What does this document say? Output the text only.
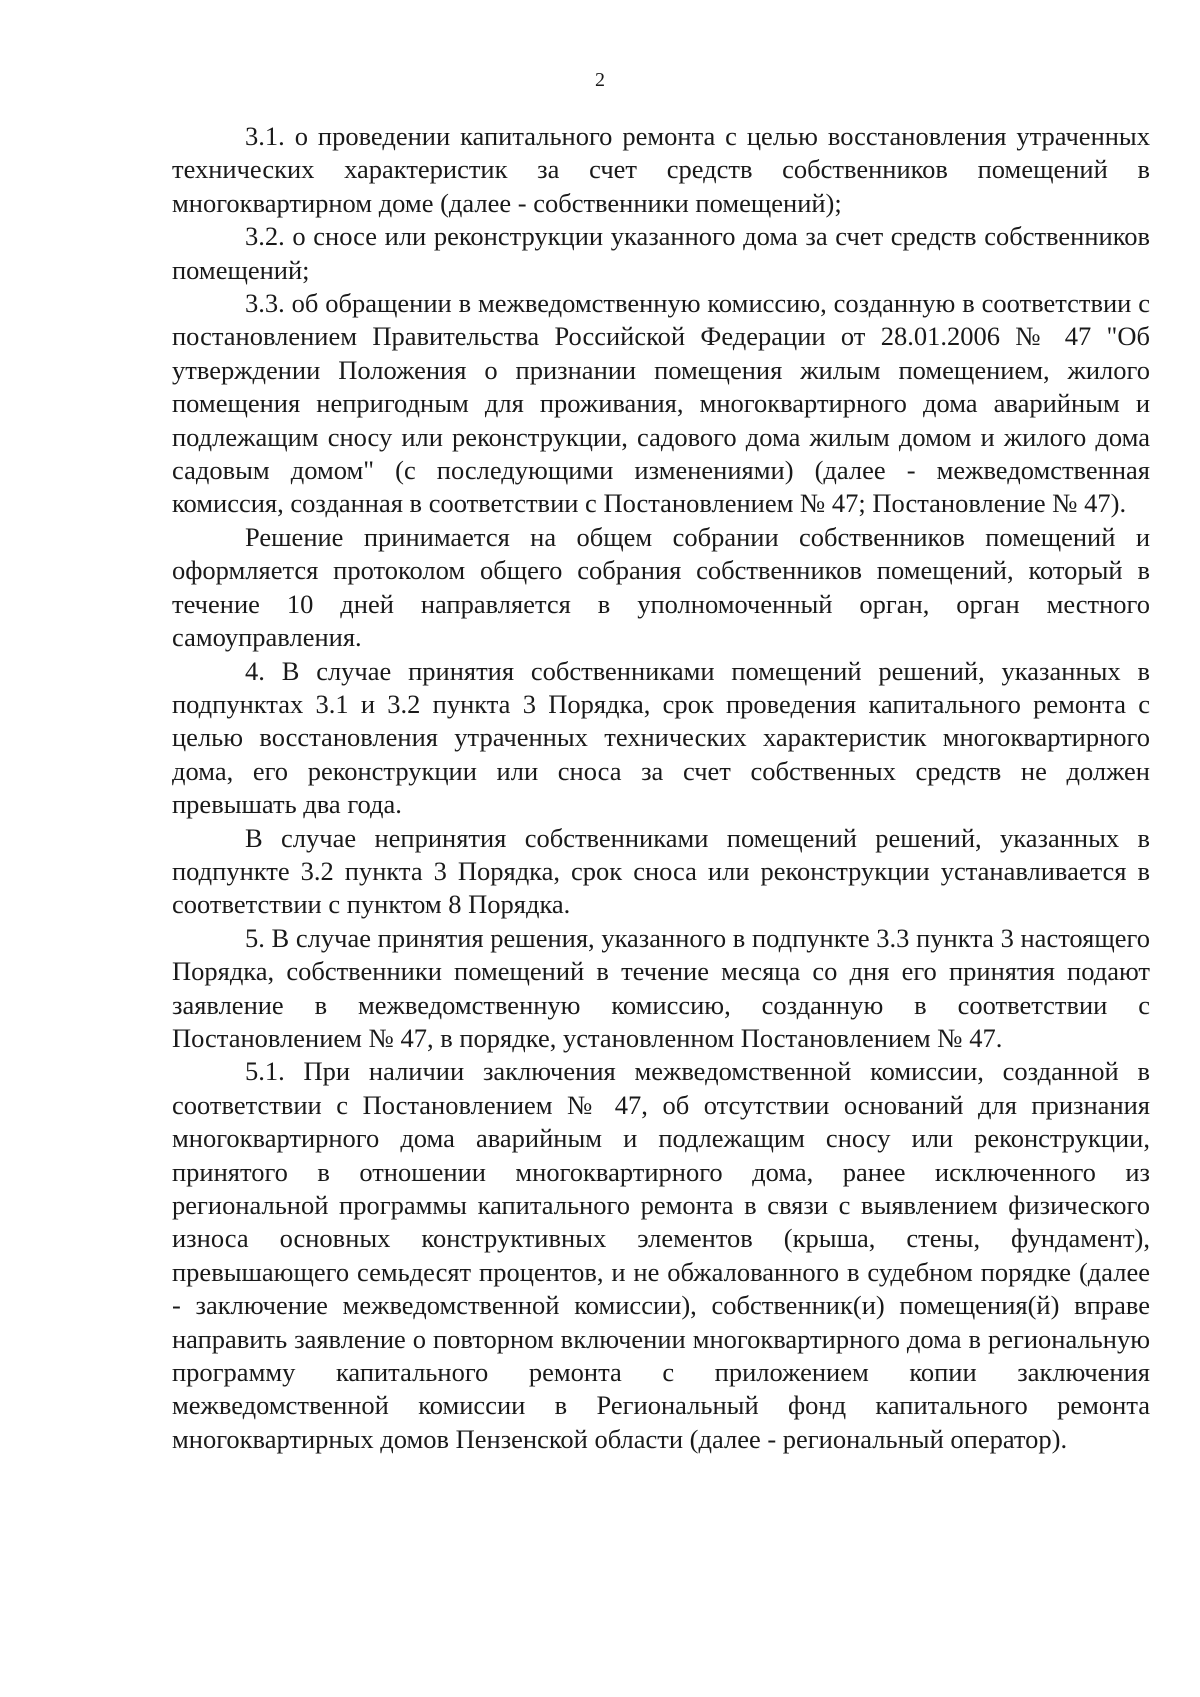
2

3.1. о проведении капитального ремонта с целью восстановления утраченных технических характеристик за счет средств собственников помещений в многоквартирном доме (далее - собственники помещений);

3.2. о сносе или реконструкции указанного дома за счет средств собственников помещений;

3.3. об обращении в межведомственную комиссию, созданную в соответствии с постановлением Правительства Российской Федерации от 28.01.2006 № 47 "Об утверждении Положения о признании помещения жилым помещением, жилого помещения непригодным для проживания, многоквартирного дома аварийным и подлежащим сносу или реконструкции, садового дома жилым домом и жилого дома садовым домом" (с последующими изменениями) (далее - межведомственная комиссия, созданная в соответствии с Постановлением № 47; Постановление № 47).

Решение принимается на общем собрании собственников помещений и оформляется протоколом общего собрания собственников помещений, который в течение 10 дней направляется в уполномоченный орган, орган местного самоуправления.

4. В случае принятия собственниками помещений решений, указанных в подпунктах 3.1 и 3.2 пункта 3 Порядка, срок проведения капитального ремонта с целью восстановления утраченных технических характеристик многоквартирного дома, его реконструкции или сноса за счет собственных средств не должен превышать два года.

В случае непринятия собственниками помещений решений, указанных в подпункте 3.2 пункта 3 Порядка, срок сноса или реконструкции устанавливается в соответствии с пунктом 8 Порядка.

5. В случае принятия решения, указанного в подпункте 3.3 пункта 3 настоящего Порядка, собственники помещений в течение месяца со дня его принятия подают заявление в межведомственную комиссию, созданную в соответствии с Постановлением № 47, в порядке, установленном Постановлением № 47.

5.1. При наличии заключения межведомственной комиссии, созданной в соответствии с Постановлением № 47, об отсутствии оснований для признания многоквартирного дома аварийным и подлежащим сносу или реконструкции, принятого в отношении многоквартирного дома, ранее исключенного из региональной программы капитального ремонта в связи с выявлением физического износа основных конструктивных элементов (крыша, стены, фундамент), превышающего семьдесят процентов, и не обжалованного в судебном порядке (далее - заключение межведомственной комиссии), собственник(и) помещения(й) вправе направить заявление о повторном включении многоквартирного дома в региональную программу капитального ремонта с приложением копии заключения межведомственной комиссии в Региональный фонд капитального ремонта многоквартирных домов Пензенской области (далее - региональный оператор).
